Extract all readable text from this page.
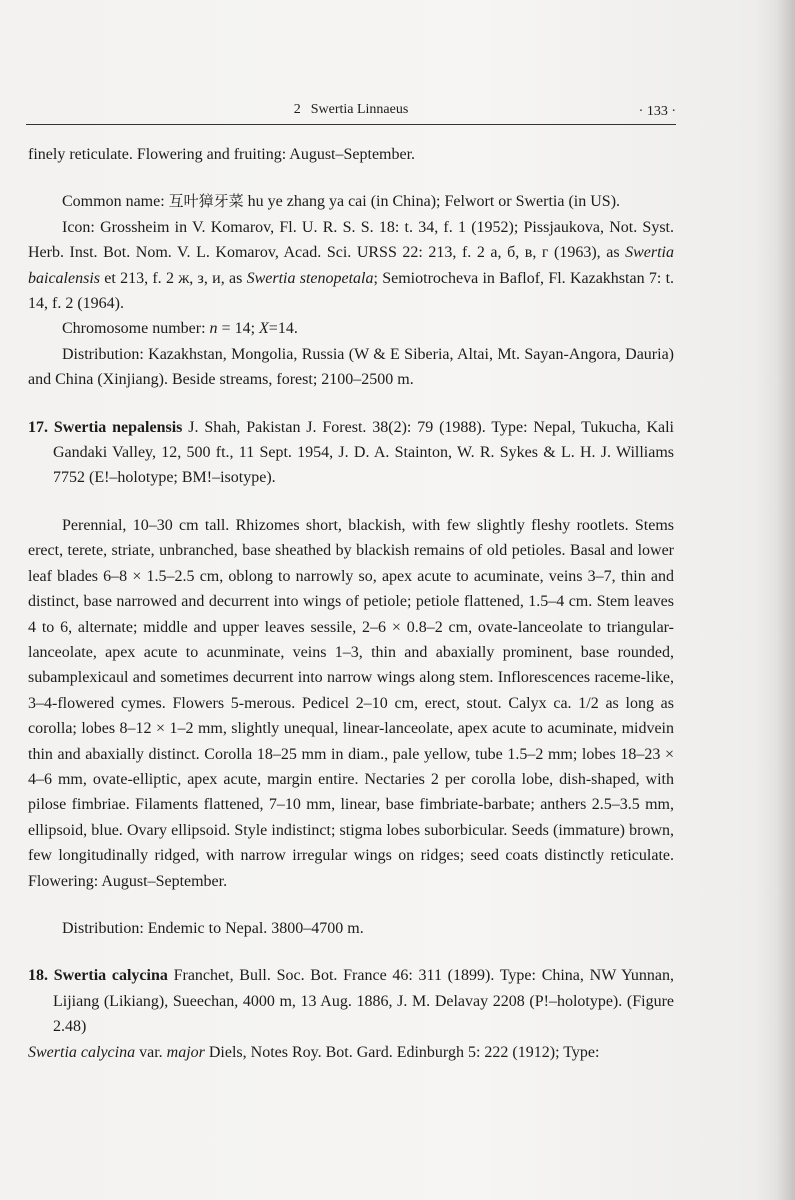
2 Swertia Linnaeus	· 133 ·

finely reticulate. Flowering and fruiting: August–September.

Common name: 互叶獐牙菜 hu ye zhang ya cai (in China); Felwort or Swertia (in US).

Icon: Grossheim in V. Komarov, Fl. U. R. S. S. 18: t. 34, f. 1 (1952); Pissjaukova, Not. Syst. Herb. Inst. Bot. Nom. V. L. Komarov, Acad. Sci. URSS 22: 213, f. 2 а, б, в, г (1963), as Swertia baicalensis et 213, f. 2 ж, з, и, as Swertia stenopetala; Semiotrocheva in Baflof, Fl. Kazakhstan 7: t. 14, f. 2 (1964).

Chromosome number: n = 14; X=14.

Distribution: Kazakhstan, Mongolia, Russia (W & E Siberia, Altai, Mt. Sayan-Angora, Dauria) and China (Xinjiang). Beside streams, forest; 2100–2500 m.

17. Swertia nepalensis J. Shah, Pakistan J. Forest. 38(2): 79 (1988). Type: Nepal, Tukucha, Kali Gandaki Valley, 12, 500 ft., 11 Sept. 1954, J. D. A. Stainton, W. R. Sykes & L. H. J. Williams 7752 (E!–holotype; BM!–isotype).

Perennial, 10–30 cm tall. Rhizomes short, blackish, with few slightly fleshy rootlets. Stems erect, terete, striate, unbranched, base sheathed by blackish remains of old petioles. Basal and lower leaf blades 6–8 × 1.5–2.5 cm, oblong to narrowly so, apex acute to acuminate, veins 3–7, thin and distinct, base narrowed and decurrent into wings of petiole; petiole flattened, 1.5–4 cm. Stem leaves 4 to 6, alternate; middle and upper leaves sessile, 2–6 × 0.8–2 cm, ovate-lanceolate to triangular-lanceolate, apex acute to acunminate, veins 1–3, thin and abaxially prominent, base rounded, subamplexicaul and sometimes decurrent into narrow wings along stem. Inflorescences raceme-like, 3–4-flowered cymes. Flowers 5-merous. Pedicel 2–10 cm, erect, stout. Calyx ca. 1/2 as long as corolla; lobes 8–12 × 1–2 mm, slightly unequal, linear-lanceolate, apex acute to acuminate, midvein thin and abaxially distinct. Corolla 18–25 mm in diam., pale yellow, tube 1.5–2 mm; lobes 18–23 × 4–6 mm, ovate-elliptic, apex acute, margin entire. Nectaries 2 per corolla lobe, dish-shaped, with pilose fimbriae. Filaments flattened, 7–10 mm, linear, base fimbriate-barbate; anthers 2.5–3.5 mm, ellipsoid, blue. Ovary ellipsoid. Style indistinct; stigma lobes suborbicular. Seeds (immature) brown, few longitudinally ridged, with narrow irregular wings on ridges; seed coats distinctly reticulate. Flowering: August–September.

Distribution: Endemic to Nepal. 3800–4700 m.

18. Swertia calycina Franchet, Bull. Soc. Bot. France 46: 311 (1899). Type: China, NW Yunnan, Lijiang (Likiang), Sueechan, 4000 m, 13 Aug. 1886, J. M. Delavay 2208 (P!–holotype). (Figure 2.48)

Swertia calycina var. major Diels, Notes Roy. Bot. Gard. Edinburgh 5: 222 (1912); Type:
